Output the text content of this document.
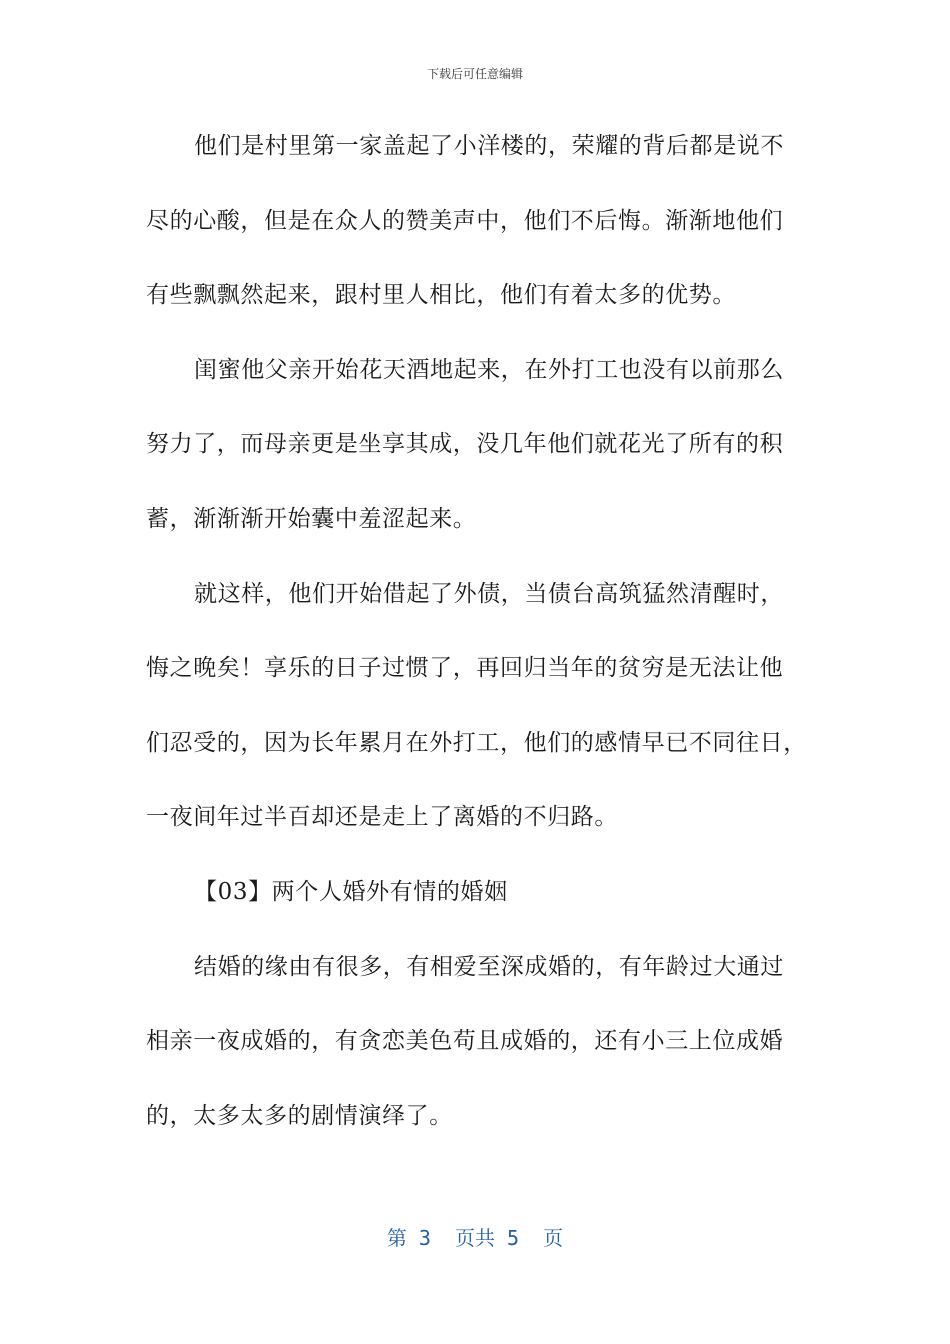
下载后可任意编辑
他们是村里第一家盖起了小洋楼的，荣耀的背后都是说不
尽的心酸，但是在众人的赞美声中，他们不后悔。渐渐地他们
有些飘飘然起来，跟村里人相比，他们有着太多的优势。
闺蜜他父亲开始花天酒地起来，在外打工也没有以前那么
努力了，而母亲更是坐享其成，没几年他们就花光了所有的积
蓄，渐渐渐开始囊中羞涩起来。
就这样，他们开始借起了外债，当债台高筑猛然清醒时，
悔之晚矣！享乐的日子过惯了，再回归当年的贫穷是无法让他
们忍受的，因为长年累月在外打工，他们的感情早已不同往日，
一夜间年过半百却还是走上了离婚的不归路。
【03】两个人婚外有情的婚姻
结婚的缘由有很多，有相爱至深成婚的，有年龄过大通过
相亲一夜成婚的，有贪恋美色苟且成婚的，还有小三上位成婚
的，太多太多的剧情演绎了。
第 3  页共 5  页
